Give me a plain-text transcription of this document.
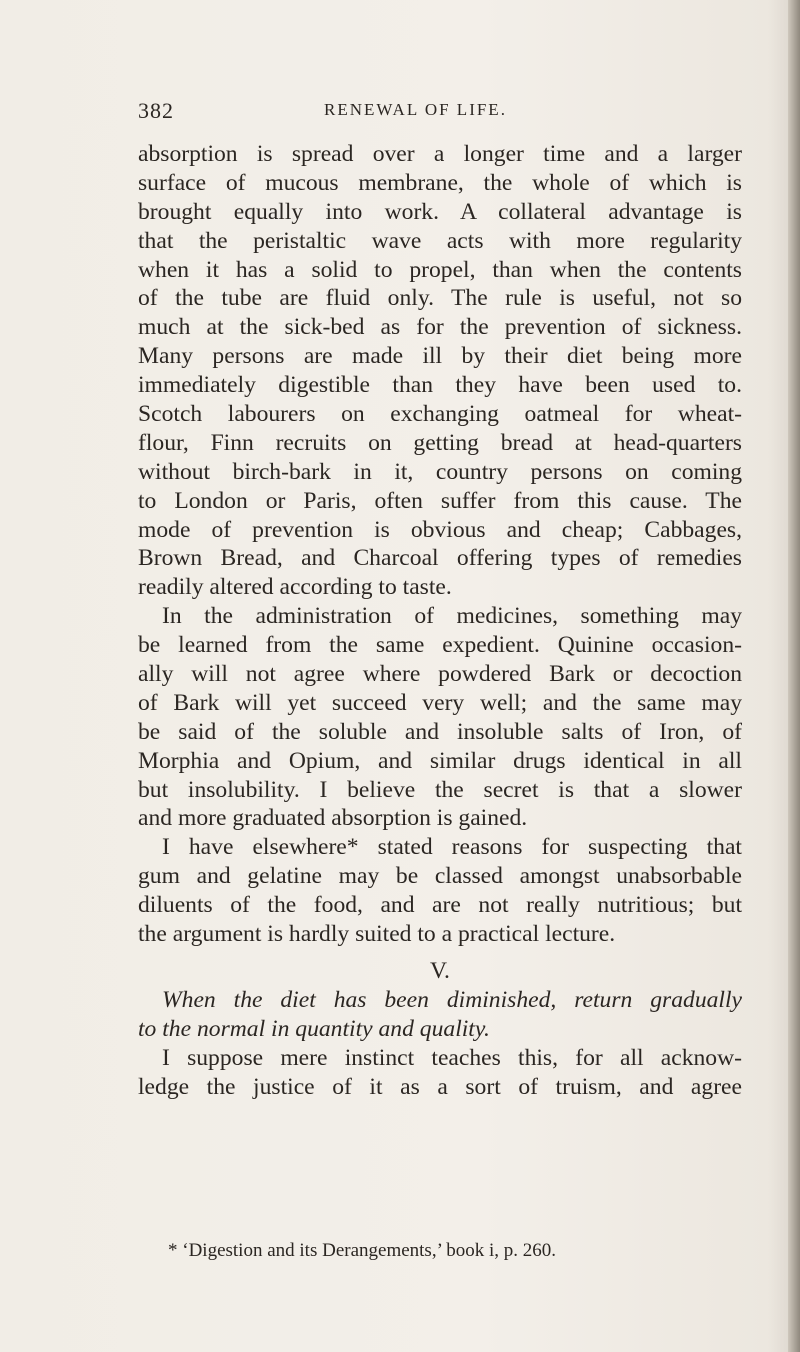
382	RENEWAL OF LIFE.
absorption is spread over a longer time and a larger
surface of mucous membrane, the whole of which is
brought equally into work. A collateral advantage is
that the peristaltic wave acts with more regularity
when it has a solid to propel, than when the contents
of the tube are fluid only. The rule is useful, not so
much at the sick-bed as for the prevention of sickness.
Many persons are made ill by their diet being more
immediately digestible than they have been used to.
Scotch labourers on exchanging oatmeal for wheat-
flour, Finn recruits on getting bread at head-quarters
without birch-bark in it, country persons on coming
to London or Paris, often suffer from this cause. The
mode of prevention is obvious and cheap; Cabbages,
Brown Bread, and Charcoal offering types of remedies
readily altered according to taste.
In the administration of medicines, something may
be learned from the same expedient. Quinine occasion-
ally will not agree where powdered Bark or decoction
of Bark will yet succeed very well; and the same may
be said of the soluble and insoluble salts of Iron, of
Morphia and Opium, and similar drugs identical in all
but insolubility. I believe the secret is that a slower
and more graduated absorption is gained.
I have elsewhere* stated reasons for suspecting that
gum and gelatine may be classed amongst unabsorbable
diluents of the food, and are not really nutritious; but
the argument is hardly suited to a practical lecture.
V.
When the diet has been diminished, return gradually
to the normal in quantity and quality.
I suppose mere instinct teaches this, for all acknow-
ledge the justice of it as a sort of truism, and agree
* ‘Digestion and its Derangements,’ book i, p. 260.
